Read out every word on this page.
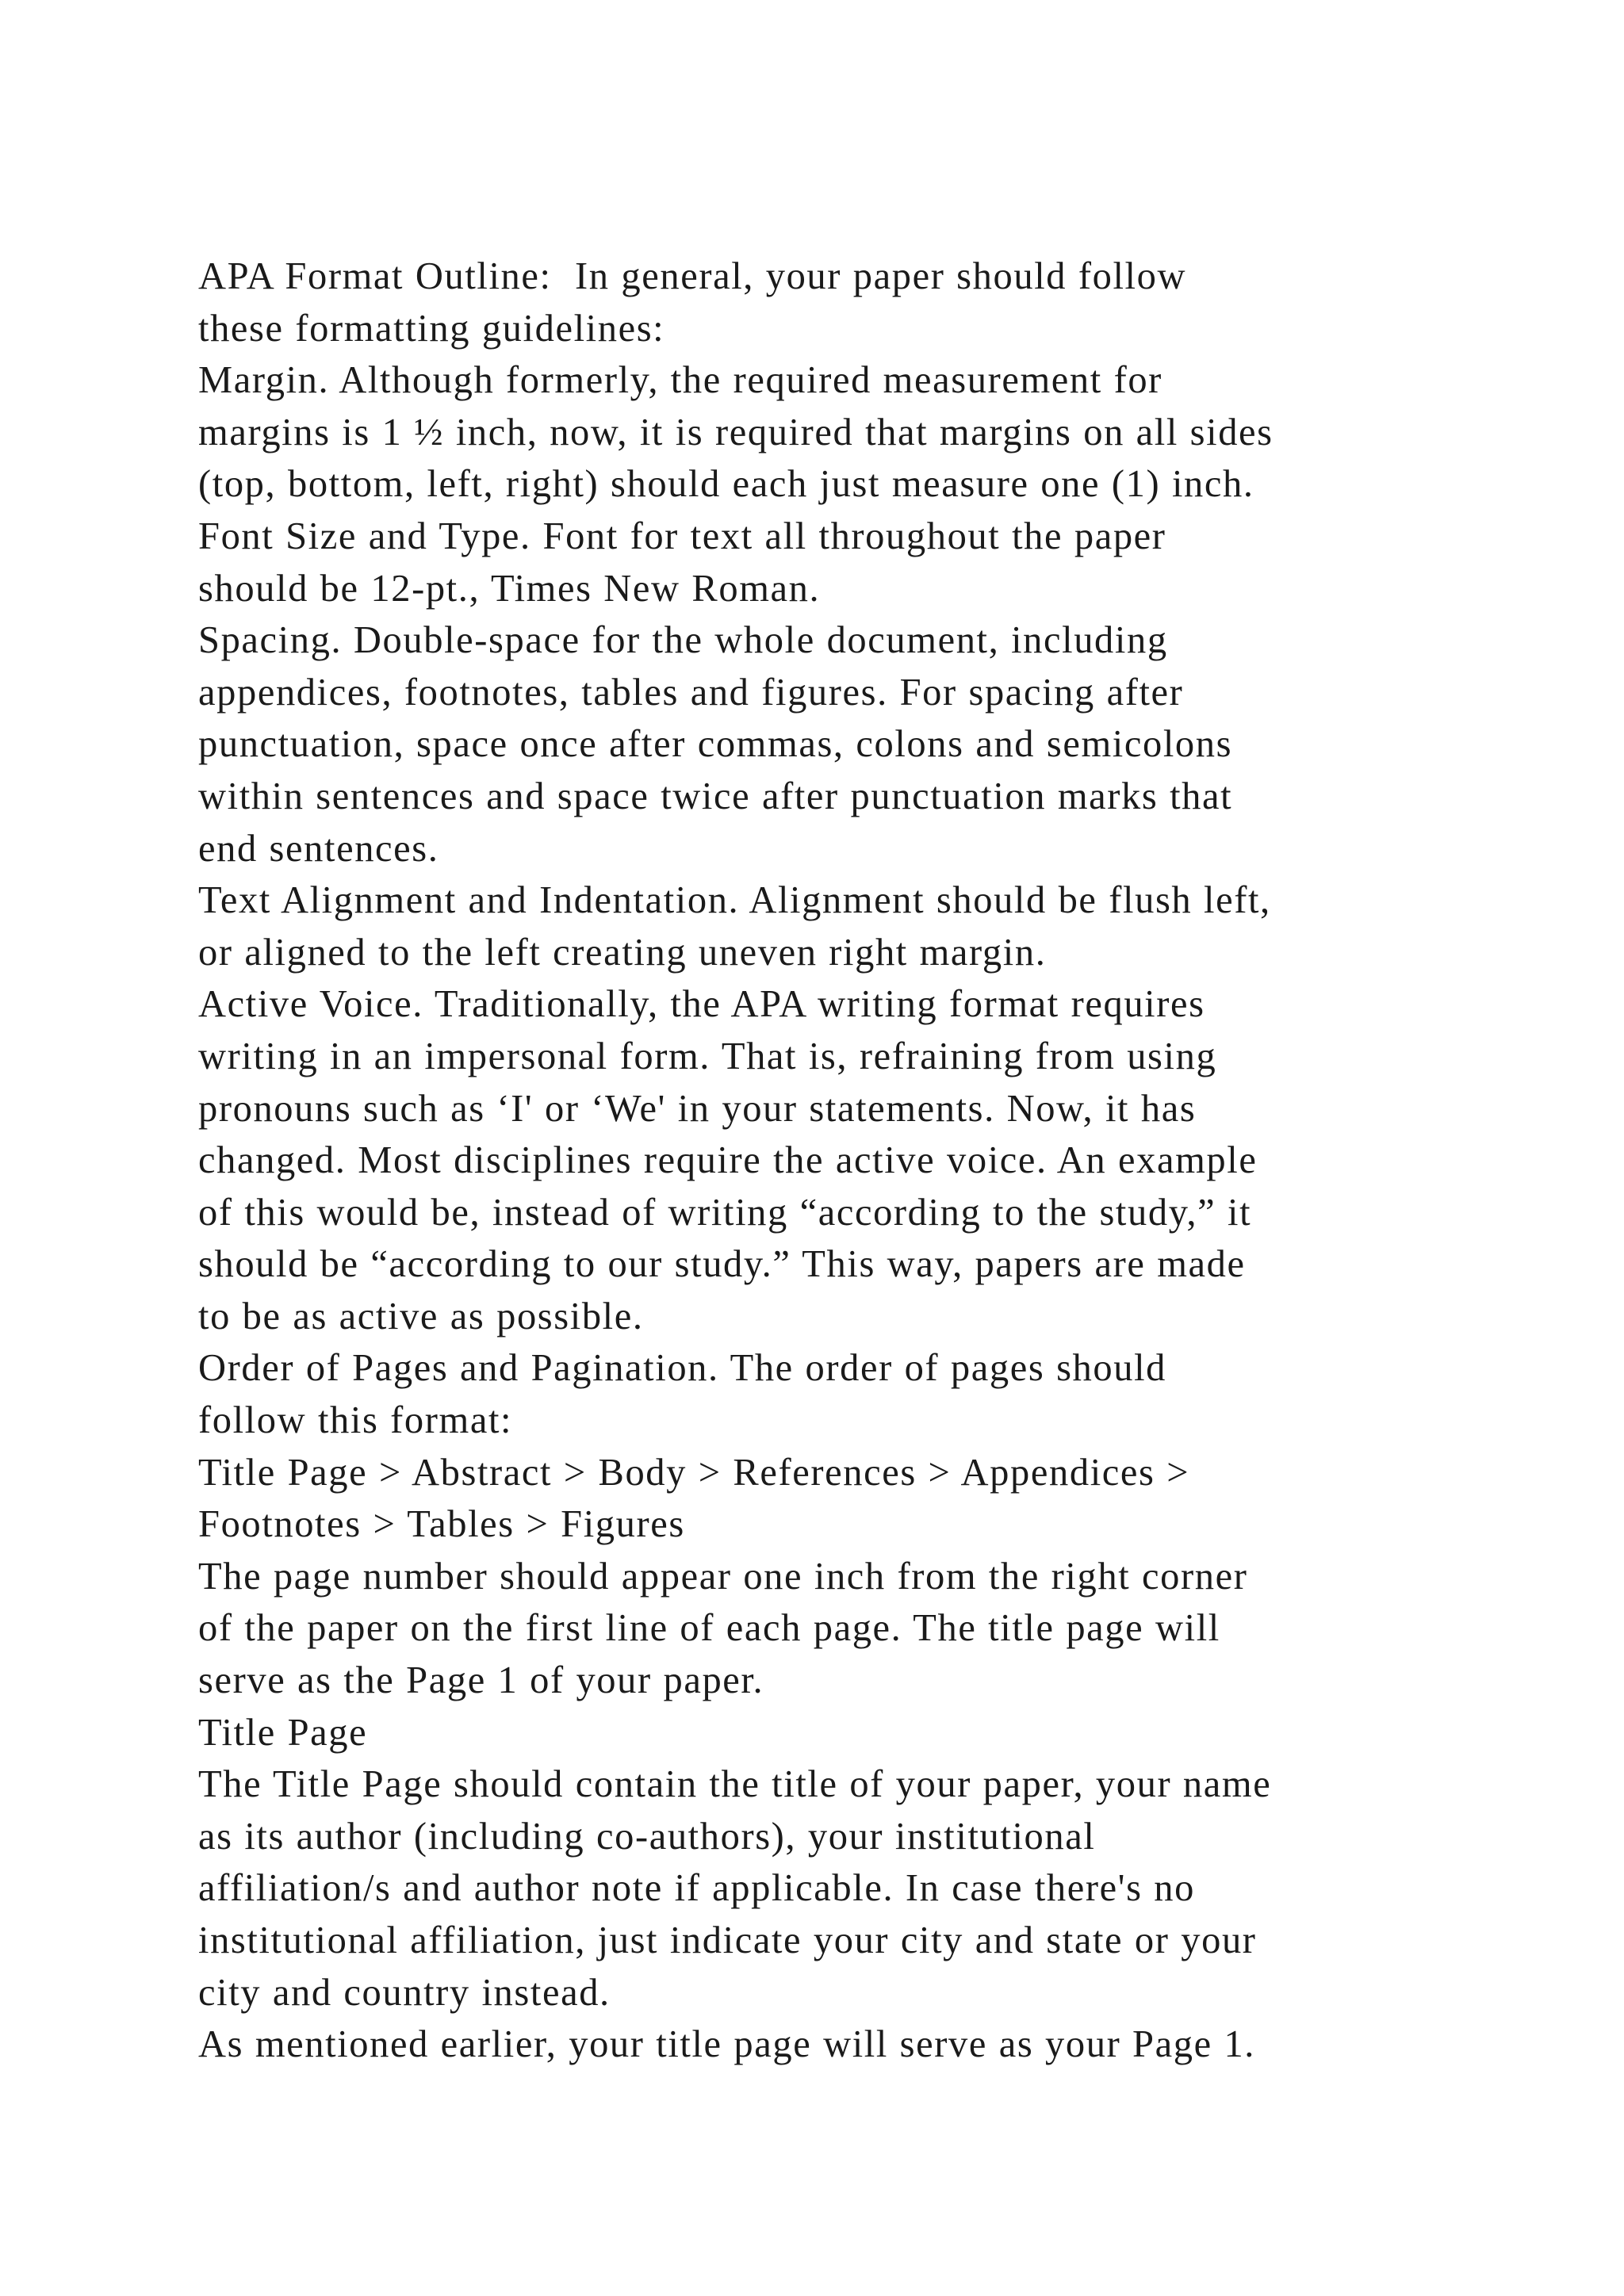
APA Format Outline:  In general, your paper should follow
these formatting guidelines:
Margin. Although formerly, the required measurement for
margins is 1 ½ inch, now, it is required that margins on all sides
(top, bottom, left, right) should each just measure one (1) inch.
Font Size and Type. Font for text all throughout the paper
should be 12-pt., Times New Roman.
Spacing. Double-space for the whole document, including
appendices, footnotes, tables and figures. For spacing after
punctuation, space once after commas, colons and semicolons
within sentences and space twice after punctuation marks that
end sentences.
Text Alignment and Indentation. Alignment should be flush left,
or aligned to the left creating uneven right margin.
Active Voice. Traditionally, the APA writing format requires
writing in an impersonal form. That is, refraining from using
pronouns such as ‘I' or ‘We' in your statements. Now, it has
changed. Most disciplines require the active voice. An example
of this would be, instead of writing “according to the study,” it
should be “according to our study.” This way, papers are made
to be as active as possible.
Order of Pages and Pagination. The order of pages should
follow this format:
Title Page > Abstract > Body > References > Appendices >
Footnotes > Tables > Figures
The page number should appear one inch from the right corner
of the paper on the first line of each page. The title page will
serve as the Page 1 of your paper.
Title Page
The Title Page should contain the title of your paper, your name
as its author (including co-authors), your institutional
affiliation/s and author note if applicable. In case there's no
institutional affiliation, just indicate your city and state or your
city and country instead.
As mentioned earlier, your title page will serve as your Page 1.
